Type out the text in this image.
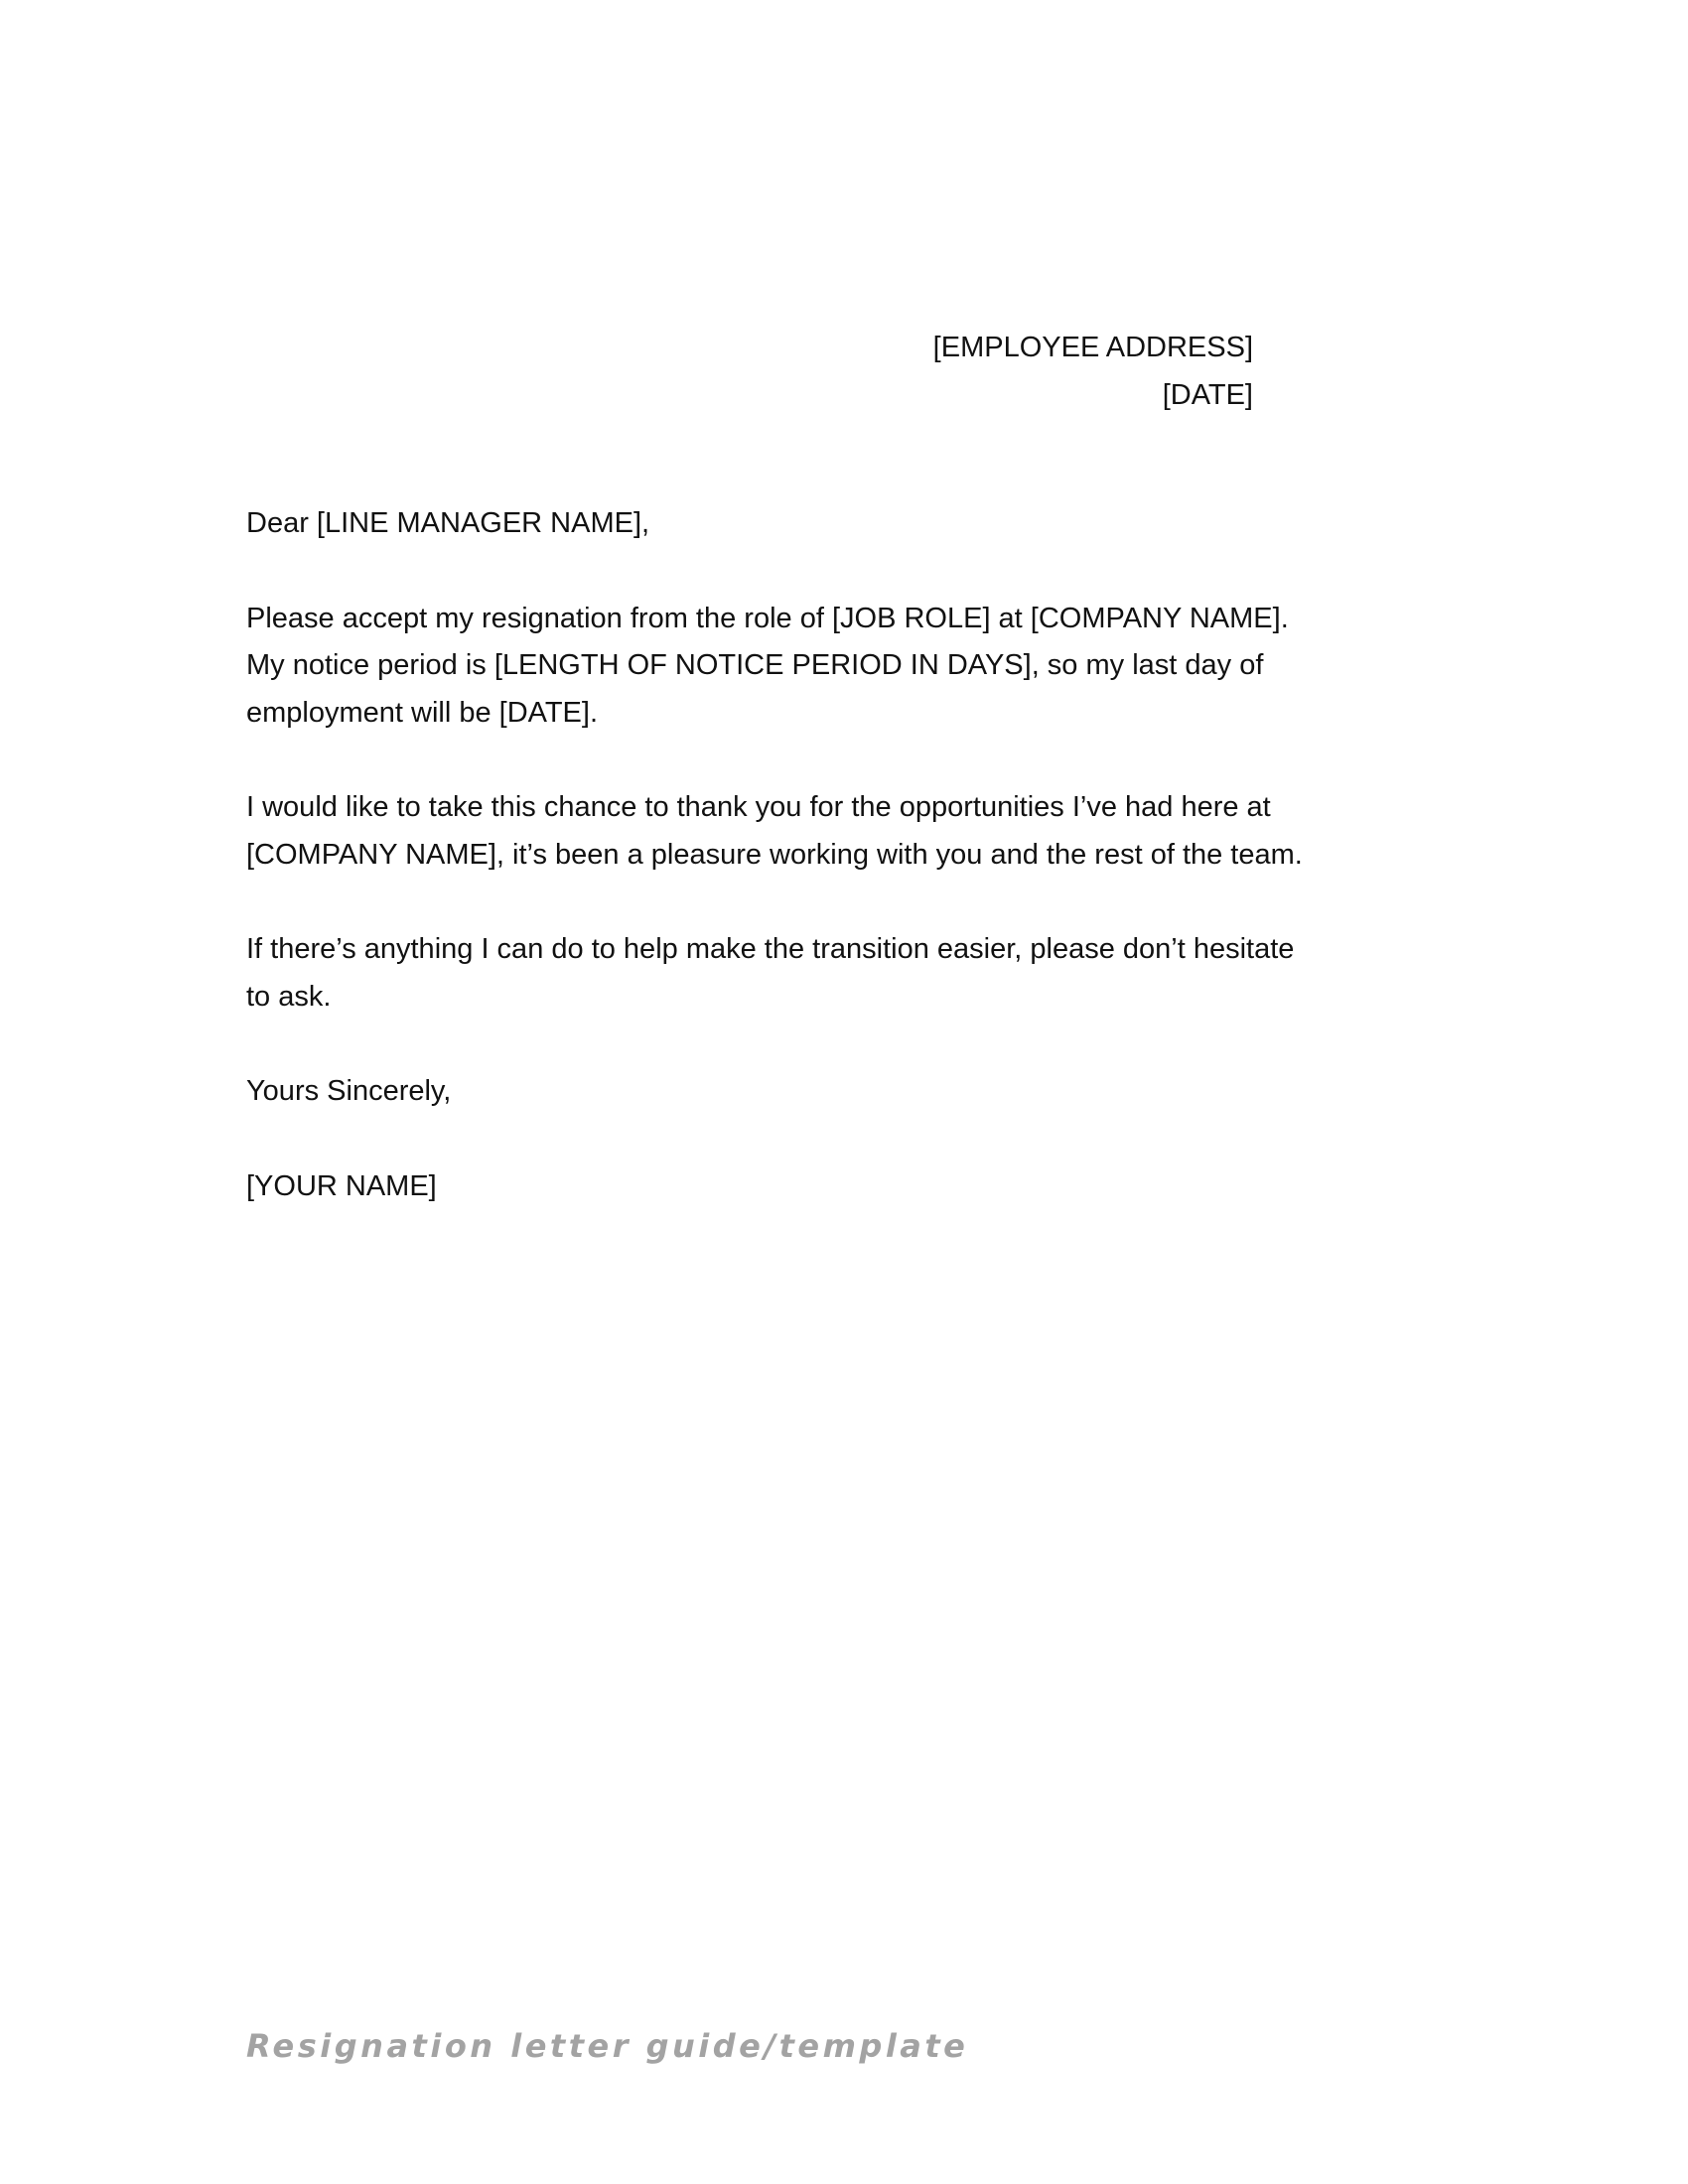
[EMPLOYEE ADDRESS]
[DATE]

Dear [LINE MANAGER NAME],

Please accept my resignation from the role of [JOB ROLE] at [COMPANY NAME].
My notice period is [LENGTH OF NOTICE PERIOD IN DAYS], so my last day of
employment will be [DATE].

I would like to take this chance to thank you for the opportunities I’ve had here at
[COMPANY NAME], it’s been a pleasure working with you and the rest of the team.

If there’s anything I can do to help make the transition easier, please don’t hesitate
to ask.

Yours Sincerely,

[YOUR NAME]

Resignation letter guide/template
